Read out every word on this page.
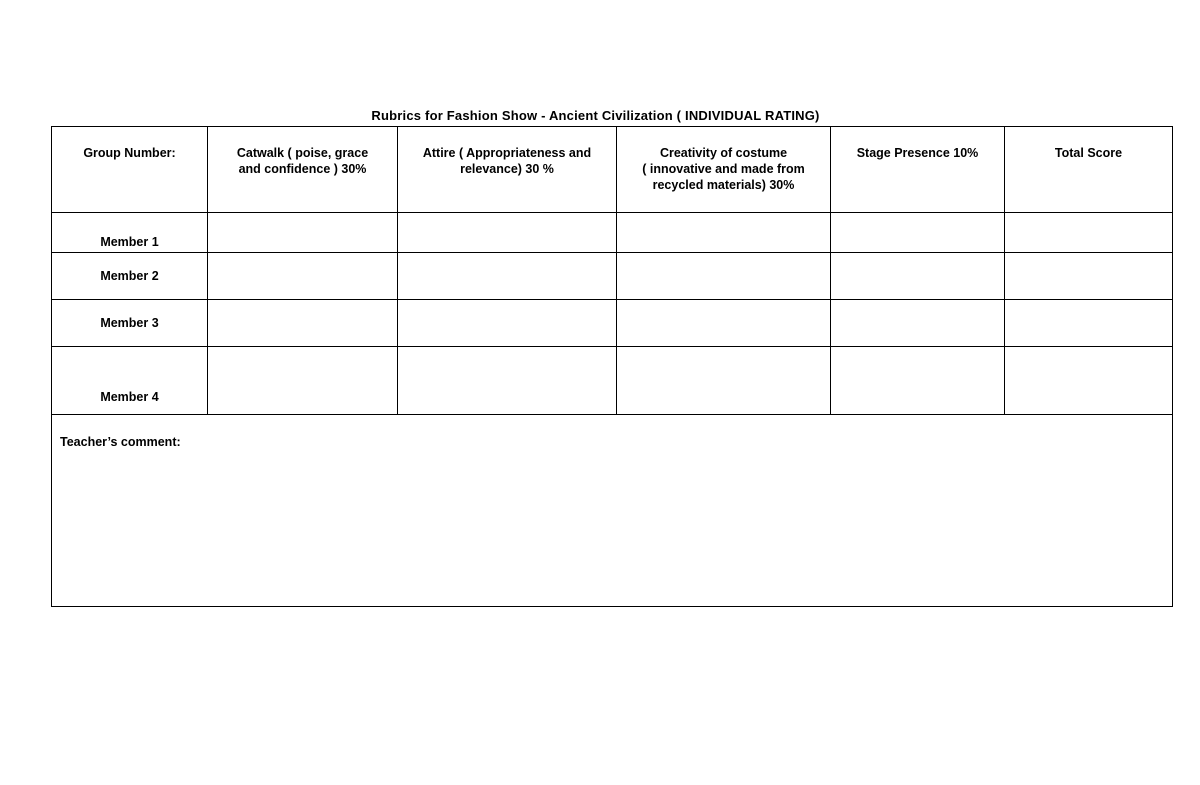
Rubrics for Fashion Show - Ancient Civilization ( INDIVIDUAL RATING)
Group Number:	Catwalk ( poise, grace
and confidence ) 30%	Attire ( Appropriateness and
relevance) 30 %	Creativity of costume
( innovative and made from
recycled materials) 30%	Stage Presence 10%	Total Score

Member 1					
Member 2					
Member 3					
Member 4					
Teacher’s comment:					
